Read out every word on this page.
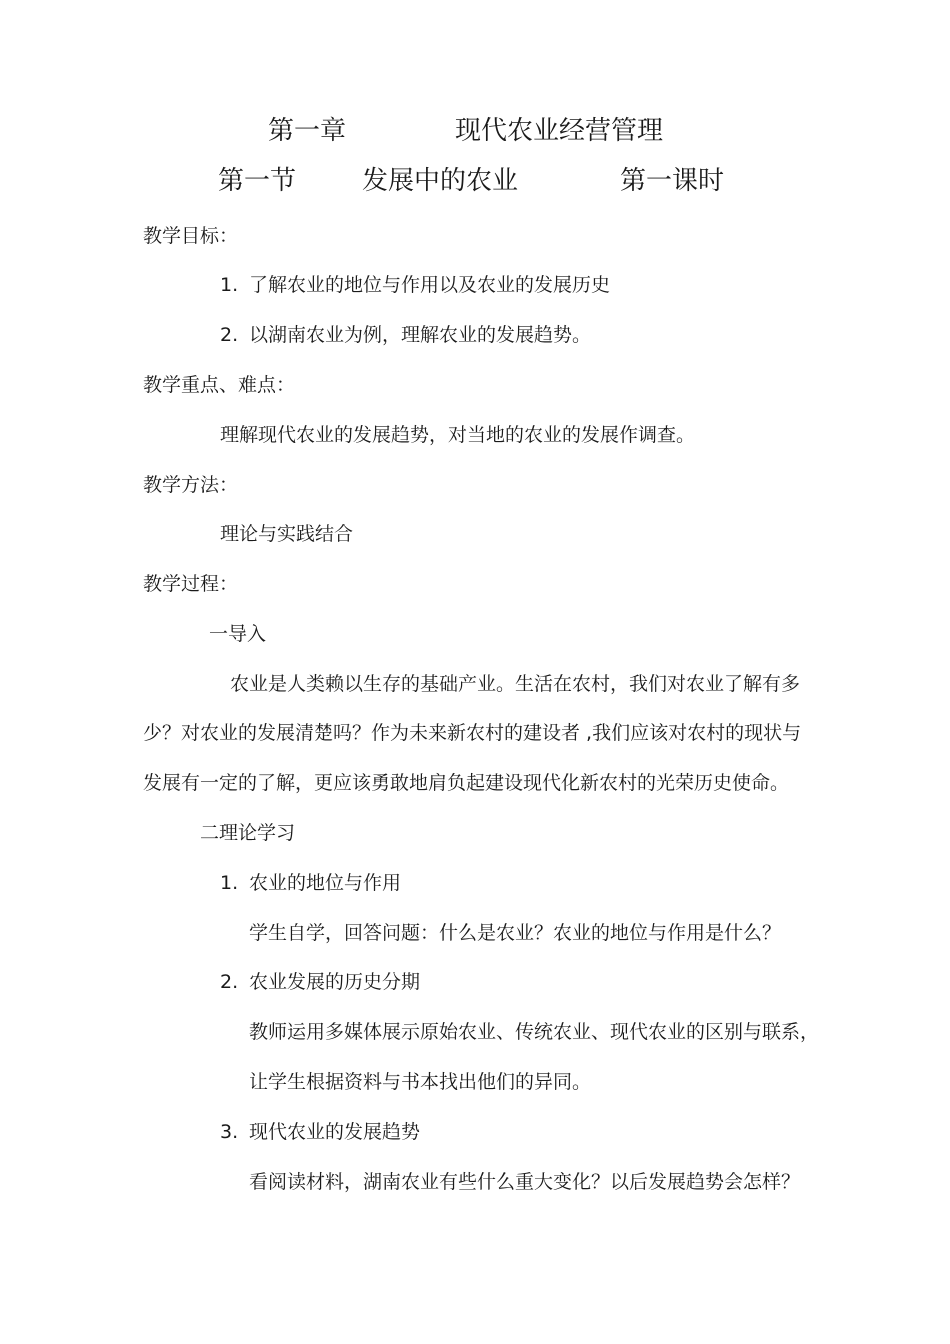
第一章	现代农业经营管理
第一节	发展中的农业	第一课时
教学目标：
1. 了解农业的地位与作用以及农业的发展历史
2. 以湖南农业为例，理解农业的发展趋势。
教学重点、难点：
理解现代农业的发展趋势，对当地的农业的发展作调查。
教学方法：
理论与实践结合
教学过程：
一导入
农业是人类赖以生存的基础产业。生活在农村，我们对农业了解有多
少？对农业的发展清楚吗？作为未来新农村的建设者 ,我们应该对农村的现状与
发展有一定的了解，更应该勇敢地肩负起建设现代化新农村的光荣历史使命。
二理论学习
1. 农业的地位与作用
学生自学，回答问题：什么是农业？农业的地位与作用是什么？
2. 农业发展的历史分期
教师运用多媒体展示原始农业、传统农业、现代农业的区别与联系，
让学生根据资料与书本找出他们的异同。
3. 现代农业的发展趋势
看阅读材料，湖南农业有些什么重大变化？以后发展趋势会怎样？
